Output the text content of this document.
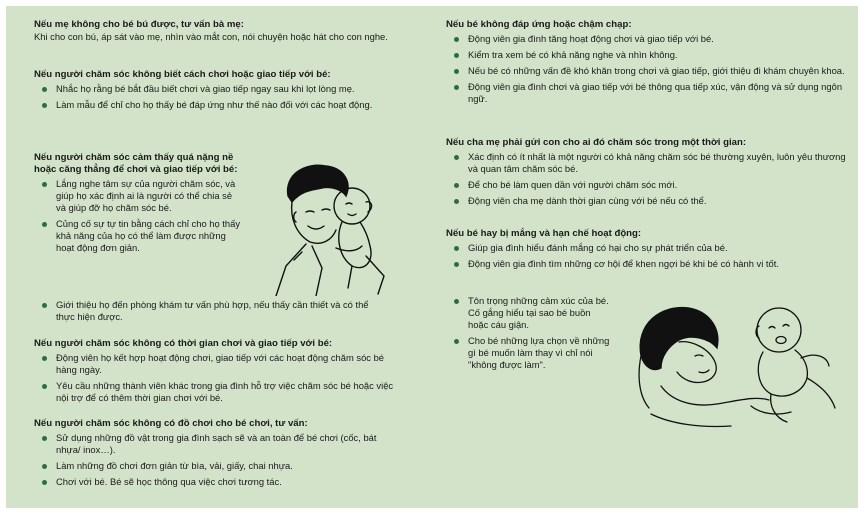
Nếu mẹ không cho bé bú được, tư vấn bà mẹ:

Khi cho con bú, áp sát vào mẹ, nhìn vào mắt con, nói chuyện hoặc hát cho con nghe.

Nếu người chăm sóc không biết cách chơi hoặc giao tiếp với bé:
Nhắc họ rằng bé bắt đầu biết chơi và giao tiếp ngay sau khi lọt lòng mẹ.
Làm mẫu để chỉ cho họ thấy bé đáp ứng như thế nào đối với các hoạt động.
Nếu người chăm sóc cảm thấy quá nặng nề hoặc căng thẳng để chơi và giao tiếp với bé:
Lắng nghe tâm sự của người chăm sóc, và giúp họ xác định ai là người có thể chia sẻ và giúp đỡ họ chăm sóc bé.
Củng cố sự tự tin bằng cách chỉ cho họ thấy khả năng của họ có thể làm được những hoạt động đơn giản.
Giới thiệu họ đến phòng khám tư vấn phù hợp, nếu thấy cần thiết và có thể thực hiện được.
Nếu người chăm sóc không có thời gian chơi và giao tiếp với bé:
Động viên họ kết hợp hoạt động chơi, giao tiếp với các hoạt động chăm sóc bé hàng ngày.
Yêu cầu những thành viên khác trong gia đình hỗ trợ việc chăm sóc bé hoặc việc nội trợ để có thêm thời gian chơi với bé.
Nếu người chăm sóc không có đồ chơi cho bé chơi, tư vấn:
Sử dụng những đồ vật trong gia đình sạch sẽ và an toàn để bé chơi (cốc, bát nhựa/ inox…).
Làm những đồ chơi đơn giản từ bìa, vải, giấy, chai nhựa.
Chơi với bé. Bé sẽ học thông qua việc chơi tương tác.
Nếu bé không đáp ứng hoặc chậm chạp:
Động viên gia đình tăng hoạt động chơi và giao tiếp với bé.
Kiểm tra xem bé có khả năng nghe và nhìn không.
Nếu bé có những vấn đề khó khăn trong chơi và giao tiếp, giới thiệu đi khám chuyên khoa.
Động viên gia đình chơi và giao tiếp với bé thông qua tiếp xúc, vận động và sử dụng ngôn ngữ.
Nếu cha mẹ phải gửi con cho ai đó chăm sóc trong một thời gian:
Xác định có ít nhất là một người có khả năng chăm sóc bé thường xuyên, luôn yêu thương và quan tâm chăm sóc bé.
Để cho bé làm quen dần với người chăm sóc mới.
Động viên cha mẹ dành thời gian cùng với bé nếu có thể.
Nếu bé hay bị mắng và hạn chế hoạt động:
Giúp gia đình hiểu đánh mắng có hại cho sự phát triển của bé.
Động viên gia đình tìm những cơ hội để khen ngợi bé khi bé có hành vi tốt.
Tôn trọng những cảm xúc của bé. Cố gắng hiểu tại sao bé buồn hoặc cáu giận.
Cho bé những lựa chọn về những gì bé muốn làm thay vì chỉ nói "không được làm".
